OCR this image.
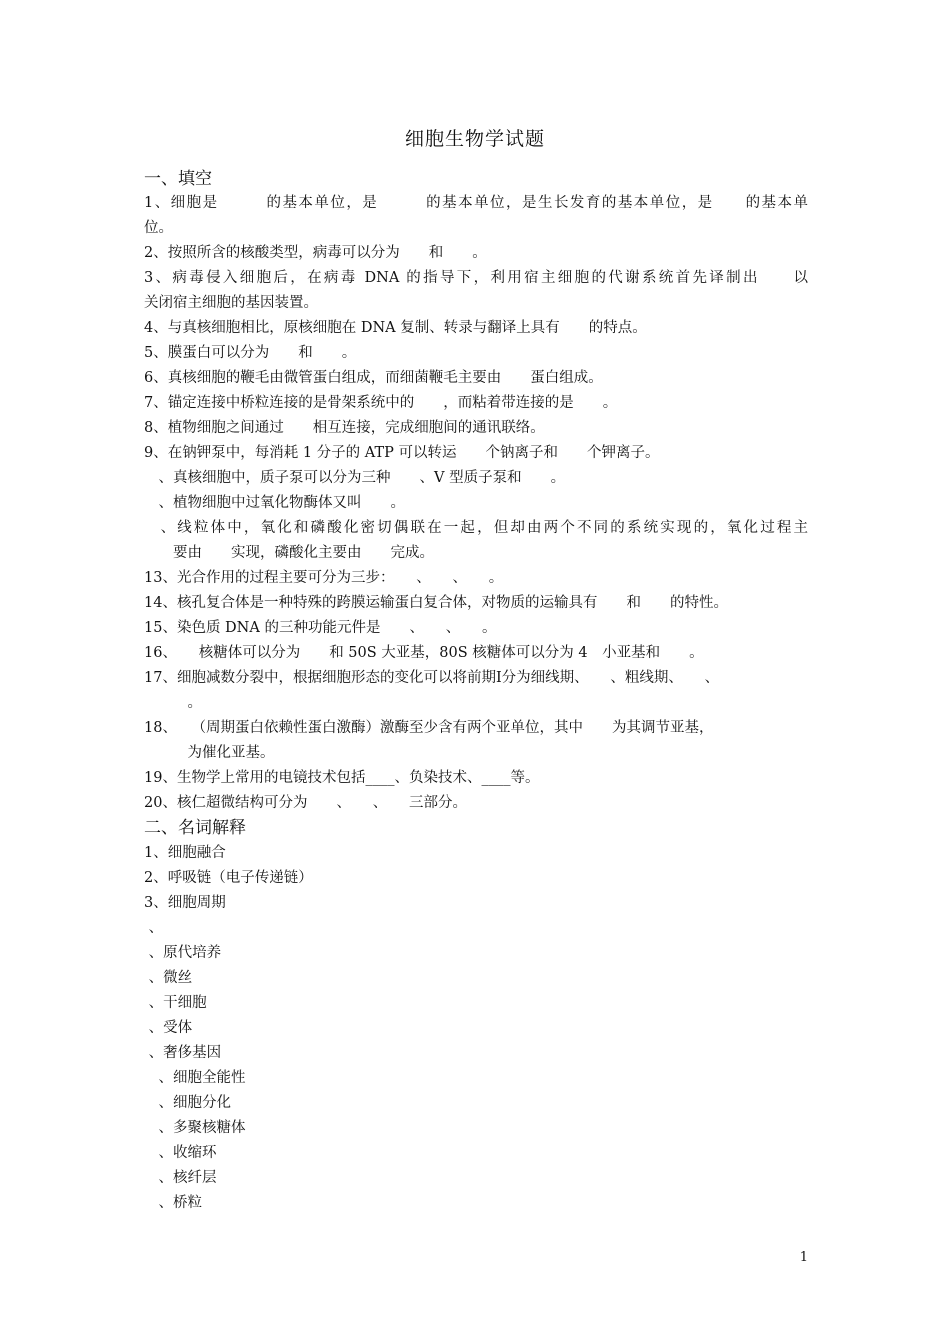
细胞生物学试题
一、填空
1、细胞是　　　的基本单位，是　　　的基本单位，是生长发育的基本单位，是　　的基本单
位。
2、按照所含的核酸类型，病毒可以分为　　和　　。
3、病毒侵入细胞后，在病毒 DNA 的指导下，利用宿主细胞的代谢系统首先译制出　　以
关闭宿主细胞的基因装置。
4、与真核细胞相比，原核细胞在 DNA 复制、转录与翻译上具有　　的特点。
5、膜蛋白可以分为　　和　　。
6、真核细胞的鞭毛由微管蛋白组成，而细菌鞭毛主要由　　蛋白组成。
7、锚定连接中桥粒连接的是骨架系统中的　　，而粘着带连接的是　　。
8、植物细胞之间通过　　相互连接，完成细胞间的通讯联络。
9、在钠钾泵中，每消耗 1 分子的 ATP 可以转运　　个钠离子和　　个钾离子。
　、真核细胞中，质子泵可以分为三种　　、V 型质子泵和　　。
　、植物细胞中过氧化物酶体又叫　　。
　、线粒体中，氧化和磷酸化密切偶联在一起，但却由两个不同的系统实现的，氧化过程主
　　要由　　实现，磷酸化主要由　　完成。
13、光合作用的过程主要可分为三步：　　、　　、　　。
14、核孔复合体是一种特殊的跨膜运输蛋白复合体，对物质的运输具有　　和　　的特性。
15、染色质 DNA 的三种功能元件是　　、　　、　　。
16、　　核糖体可以分为　　和 50S 大亚基，80S 核糖体可以分为 4　小亚基和　　。
17、细胞减数分裂中，根据细胞形态的变化可以将前期Ⅰ分为细线期、　　、粗线期、　　、
　　　。
18、　　（周期蛋白依赖性蛋白激酶）激酶至少含有两个亚单位，其中　　为其调节亚基，
　　　为催化亚基。
19、生物学上常用的电镜技术包括____、负染技术、____等。
20、核仁超微结构可分为　　、　　、　　三部分。
二、名词解释
1、细胞融合
2、呼吸链（电子传递链）
3、细胞周期
、
、原代培养
、微丝
、干细胞
、受体
、奢侈基因
　、细胞全能性
　、细胞分化
　、多聚核糖体
　、收缩环
　、核纤层
　、桥粒
1
